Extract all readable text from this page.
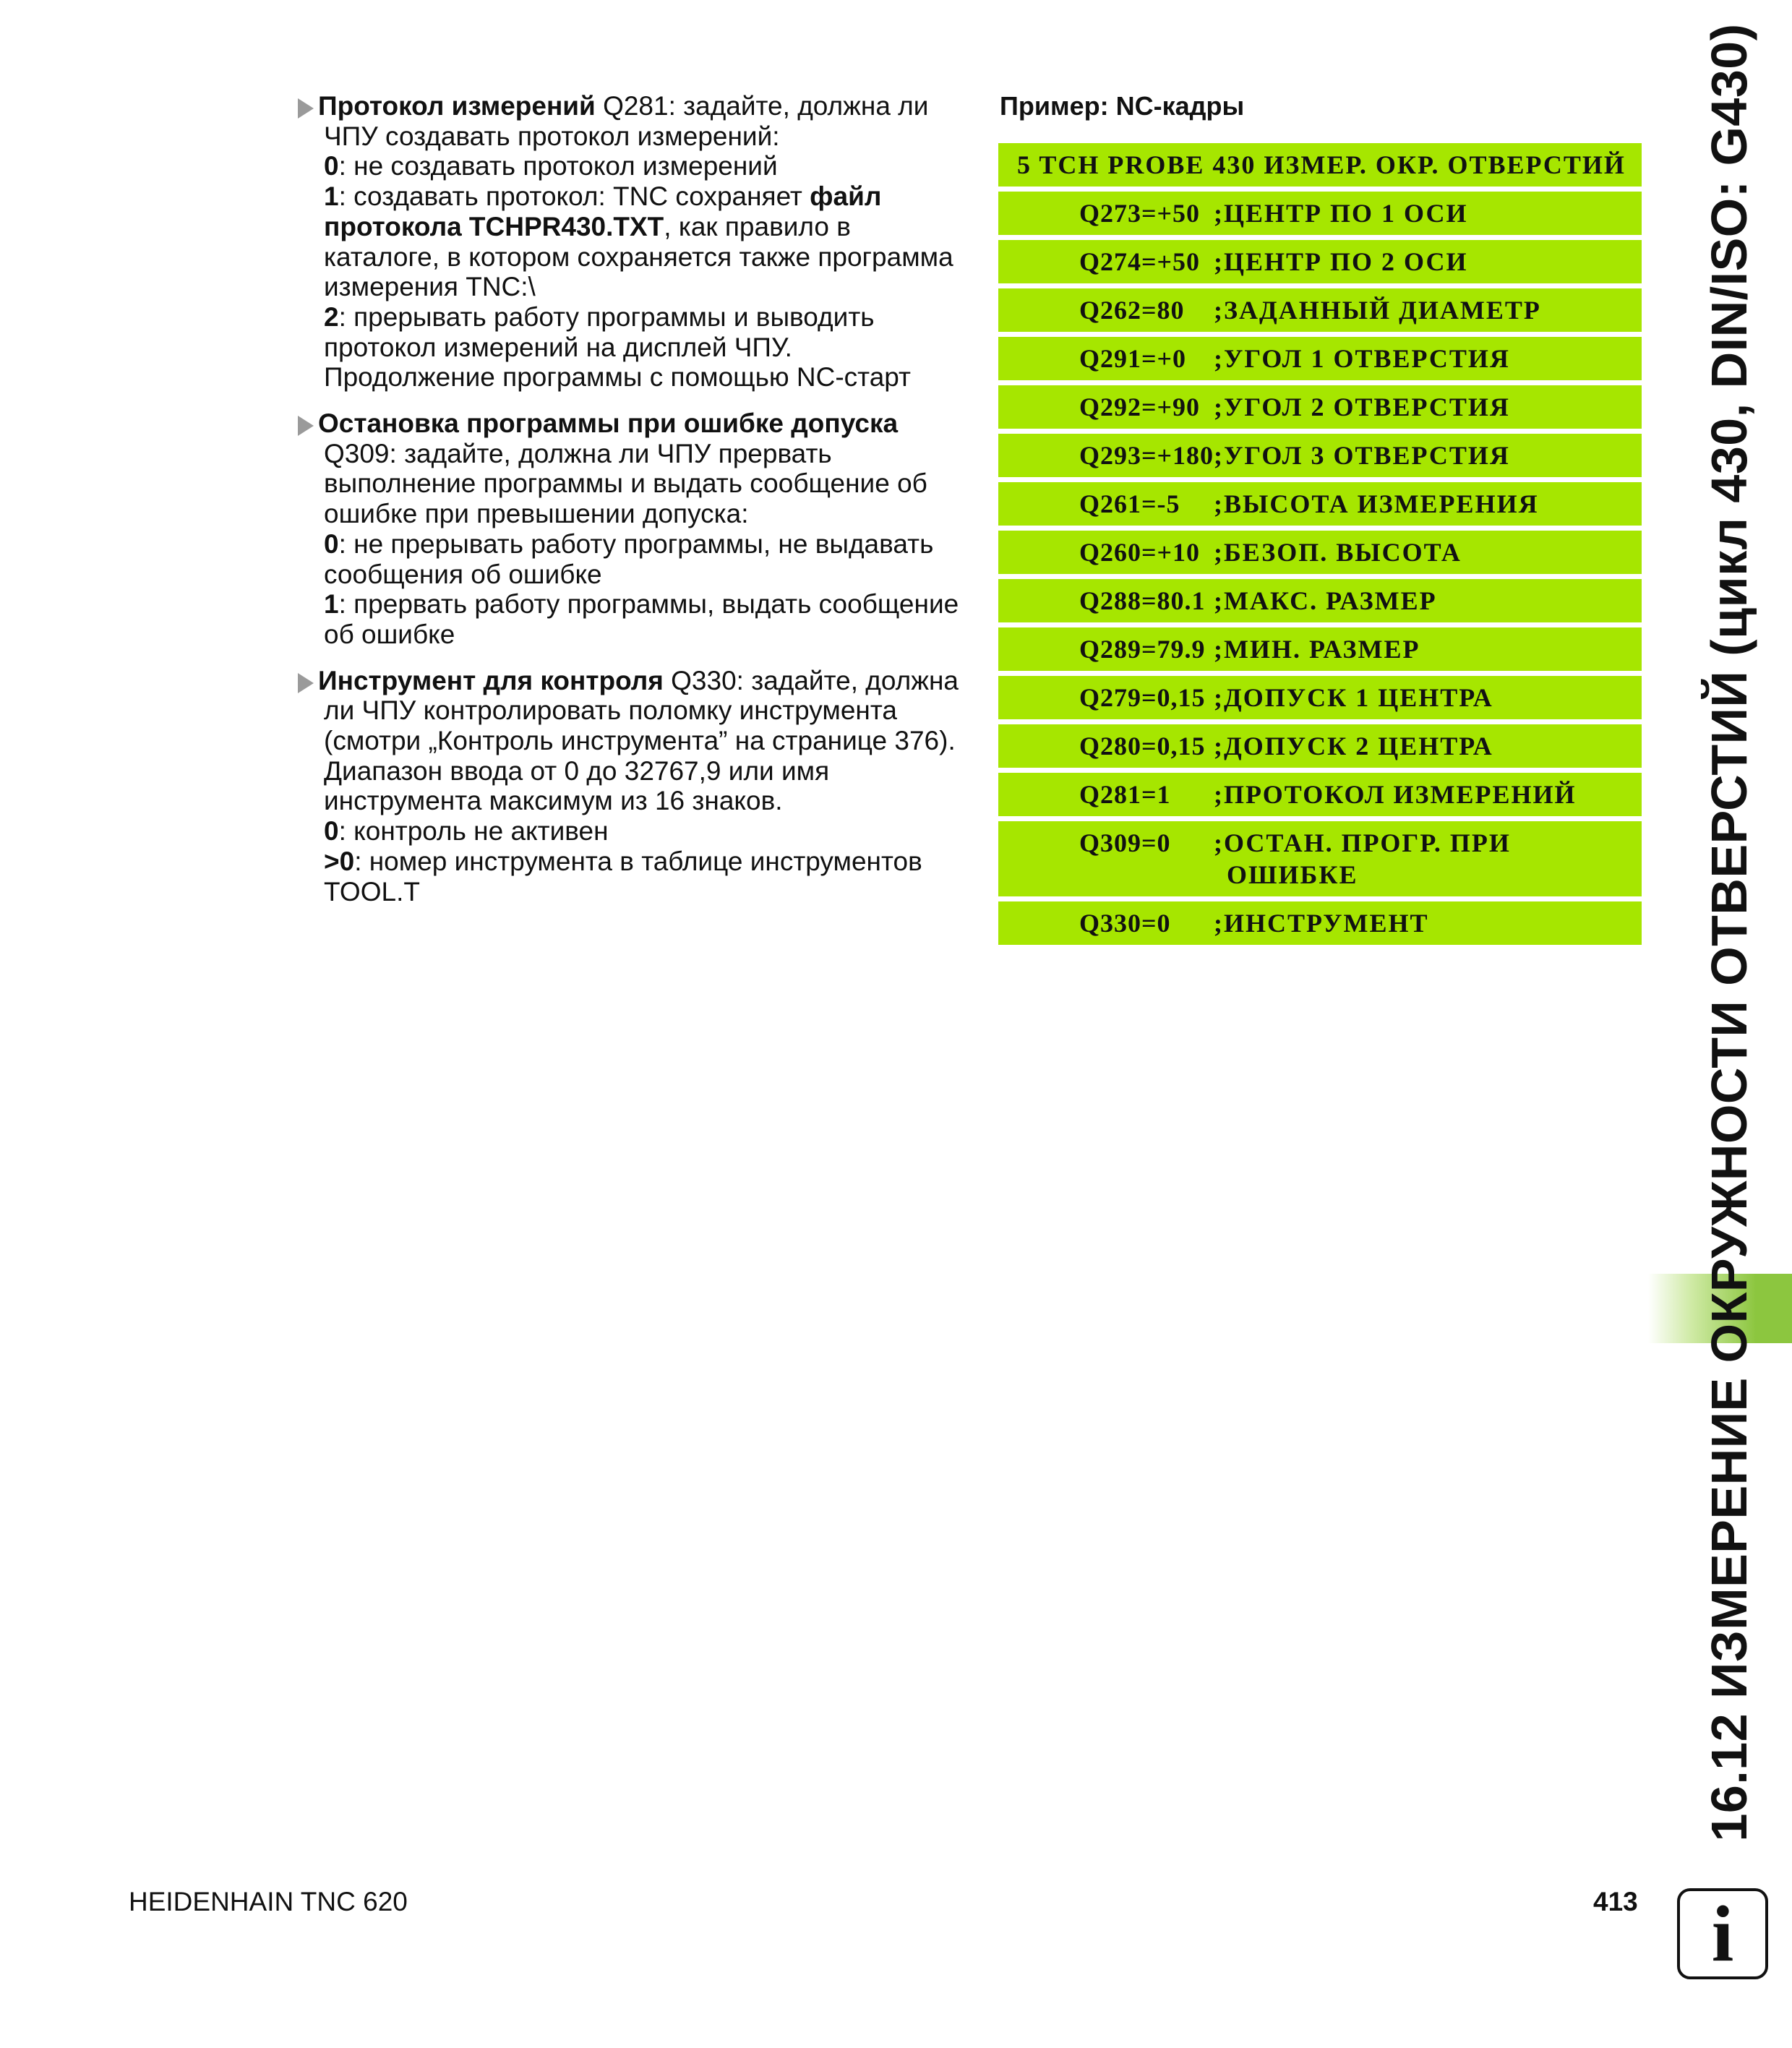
Протокол измерений Q281: задайте, должна ли
ЧПУ создавать протокол измерений:
0: не создавать протокол измерений
1: создавать протокол: TNC сохраняет файл
протокола TCHPR430.TXT, как правило в
каталоге, в котором сохраняется также программа
измерения TNC:\
2: прерывать работу программы и выводить
протокол измерений на дисплей ЧПУ.
Продолжение программы с помощью NC-старт
Остановка программы при ошибке допуска
Q309: задайте, должна ли ЧПУ прервать
выполнение программы и выдать сообщение об
ошибке при превышении допуска:
0: не прерывать работу программы, не выдавать
сообщения об ошибке
1: прервать работу программы, выдать сообщение
об ошибке
Инструмент для контроля Q330: задайте, должна
ли ЧПУ контролировать поломку инструмента
(смотри „Контроль инструмента” на странице 376).
Диапазон ввода от 0 до 32767,9 или имя
инструмента максимум из 16 знаков.
0: контроль не активен
>0: номер инструмента в таблице инструментов
TOOL.T
Пример: NC-кадры
5 TCH PROBE 430 ИЗМЕР. ОКР. ОТВЕРСТИЙ
Q273=+50 ;ЦЕНТР ПО 1 ОСИ
Q274=+50 ;ЦЕНТР ПО 2 ОСИ
Q262=80 ;ЗАДАННЫЙ ДИАМЕТР
Q291=+0 ;УГОЛ 1 ОТВЕРСТИЯ
Q292=+90 ;УГОЛ 2 ОТВЕРСТИЯ
Q293=+180 ;УГОЛ 3 ОТВЕРСТИЯ
Q261=-5 ;ВЫСОТА ИЗМЕРЕНИЯ
Q260=+10 ;БЕЗОП. ВЫСОТА
Q288=80.1 ;МАКС. РАЗМЕР
Q289=79.9 ;МИН. РАЗМЕР
Q279=0,15 ;ДОПУСК 1 ЦЕНТРА
Q280=0,15 ;ДОПУСК 2 ЦЕНТРА
Q281=1 ;ПРОТОКОЛ ИЗМЕРЕНИЙ
Q309=0 ;ОСТАН. ПРОГР. ПРИ
ОШИБКЕ
Q330=0 ;ИНСТРУМЕНТ	16.12 ИЗМЕРЕНИЕ ОКРУЖНОСТИ ОТВЕРСТИЙ (цикл 430, DIN/ISO: G430)
HEIDENHAIN TNC 620	413 i
